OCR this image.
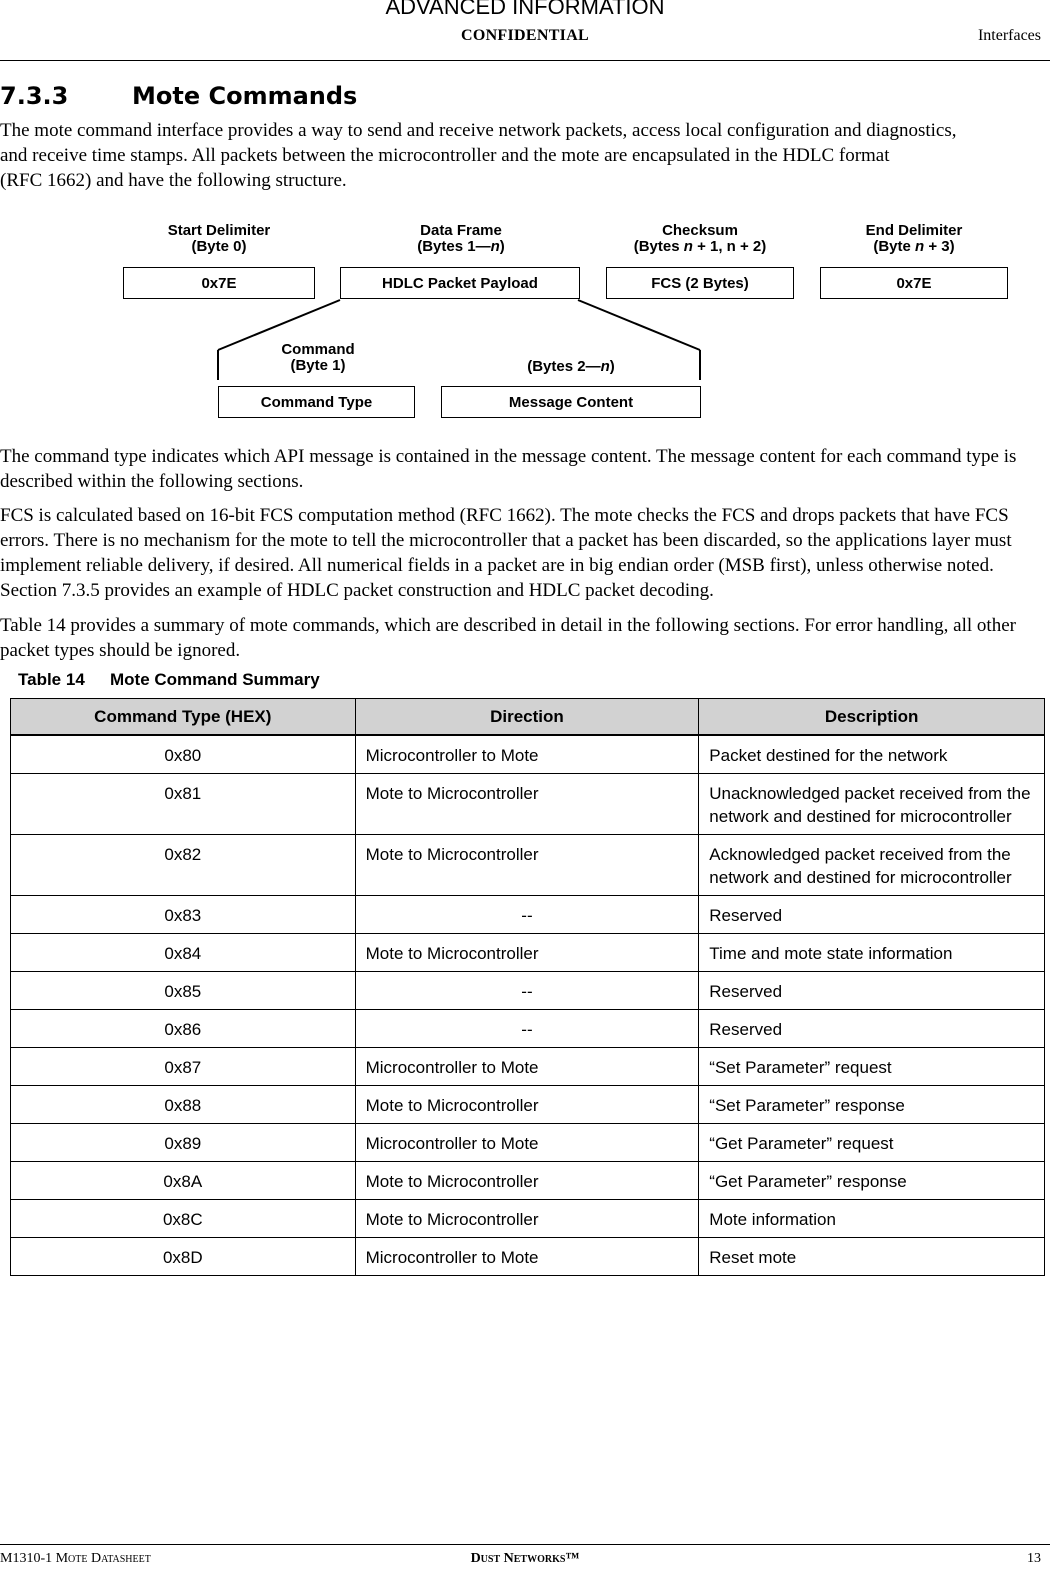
ADVANCED INFORMATION
CONFIDENTIAL	Interfaces
7.3.3	Mote Commands
The mote command interface provides a way to send and receive network packets, access local configuration and diagnostics,
and receive time stamps. All packets between the microcontroller and the mote are encapsulated in the HDLC format
(RFC 1662) and have the following structure.
Start Delimiter
(Byte 0)
Data Frame
(Bytes 1—n)
Checksum
(Bytes n + 1, n + 2)
End Delimiter
(Byte n + 3)
0x7E	HDLC Packet Payload	FCS (2 Bytes)	0x7E
Command
(Byte 1)	(Bytes 2—n)
Command Type	Message Content
The command type indicates which API message is contained in the message content. The message content for each command type is described within the following sections.
FCS is calculated based on 16-bit FCS computation method (RFC 1662). The mote checks the FCS and drops packets that have FCS errors. There is no mechanism for the mote to tell the microcontroller that a packet has been discarded, so the applications layer must implement reliable delivery, if desired. All numerical fields in a packet are in big endian order (MSB first), unless otherwise noted. Section 7.3.5 provides an example of HDLC packet construction and HDLC packet decoding.
Table 14 provides a summary of mote commands, which are described in detail in the following sections. For error handling, all other packet types should be ignored.
Table 14 Mote Command Summary
Command Type (HEX)	Direction	Description
0x80	Microcontroller to Mote	Packet destined for the network
0x81	Mote to Microcontroller	Unacknowledged packet received from the network and destined for microcontroller
0x82	Mote to Microcontroller	Acknowledged packet received from the network and destined for microcontroller
0x83	--	Reserved
0x84	Mote to Microcontroller	Time and mote state information
0x85	--	Reserved
0x86	--	Reserved
0x87	Microcontroller to Mote	“Set Parameter” request
0x88	Mote to Microcontroller	“Set Parameter” response
0x89	Microcontroller to Mote	“Get Parameter” request
0x8A	Mote to Microcontroller	“Get Parameter” response
0x8C	Mote to Microcontroller	Mote information
0x8D	Microcontroller to Mote	Reset mote
M1310-1 Mote Datasheet	Dust Networks™	13
